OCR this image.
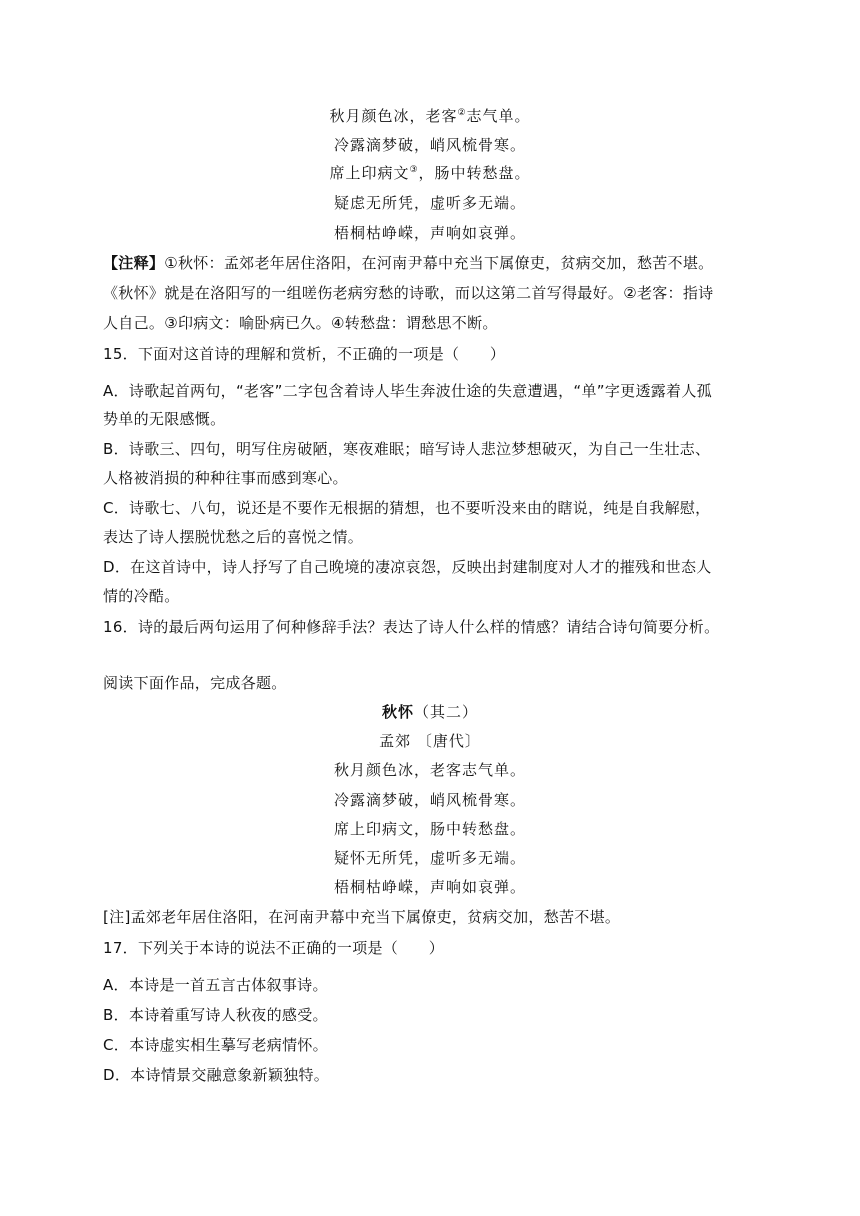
秋月颜色冰，老客②志气单。
冷露滴梦破，峭风梳骨寒。
席上印病文③，肠中转愁盘。
疑虑无所凭，虚听多无端。
梧桐枯峥嵘，声响如哀弹。
【注释】①秋怀：孟郊老年居住洛阳，在河南尹幕中充当下属僚吏，贫病交加，愁苦不堪。
《秋怀》就是在洛阳写的一组嗟伤老病穷愁的诗歌，而以这第二首写得最好。②老客：指诗
人自己。③印病文：喻卧病已久。④转愁盘：谓愁思不断。
15．下面对这首诗的理解和赏析，不正确的一项是（　　）
A．诗歌起首两句，“老客”二字包含着诗人毕生奔波仕途的失意遭遇，“单”字更透露着人孤
势单的无限感慨。
B．诗歌三、四句，明写住房破陋，寒夜难眠；暗写诗人悲泣梦想破灭，为自己一生壮志、
人格被消损的种种往事而感到寒心。
C．诗歌七、八句，说还是不要作无根据的猜想，也不要听没来由的瞎说，纯是自我解慰，
表达了诗人摆脱忧愁之后的喜悦之情。
D．在这首诗中，诗人抒写了自己晚境的凄凉哀怨，反映出封建制度对人才的摧残和世态人
情的冷酷。
16．诗的最后两句运用了何种修辞手法？表达了诗人什么样的情感？请结合诗句简要分析。
阅读下面作品，完成各题。
秋怀（其二）
孟郊 〔唐代〕
秋月颜色冰，老客志气单。
冷露滴梦破，峭风梳骨寒。
席上印病文，肠中转愁盘。
疑怀无所凭，虚听多无端。
梧桐枯峥嵘，声响如哀弹。
[注]孟郊老年居住洛阳，在河南尹幕中充当下属僚吏，贫病交加，愁苦不堪。
17．下列关于本诗的说法不正确的一项是（　　）
A．本诗是一首五言古体叙事诗。
B．本诗着重写诗人秋夜的感受。
C．本诗虚实相生摹写老病情怀。
D．本诗情景交融意象新颖独特。
